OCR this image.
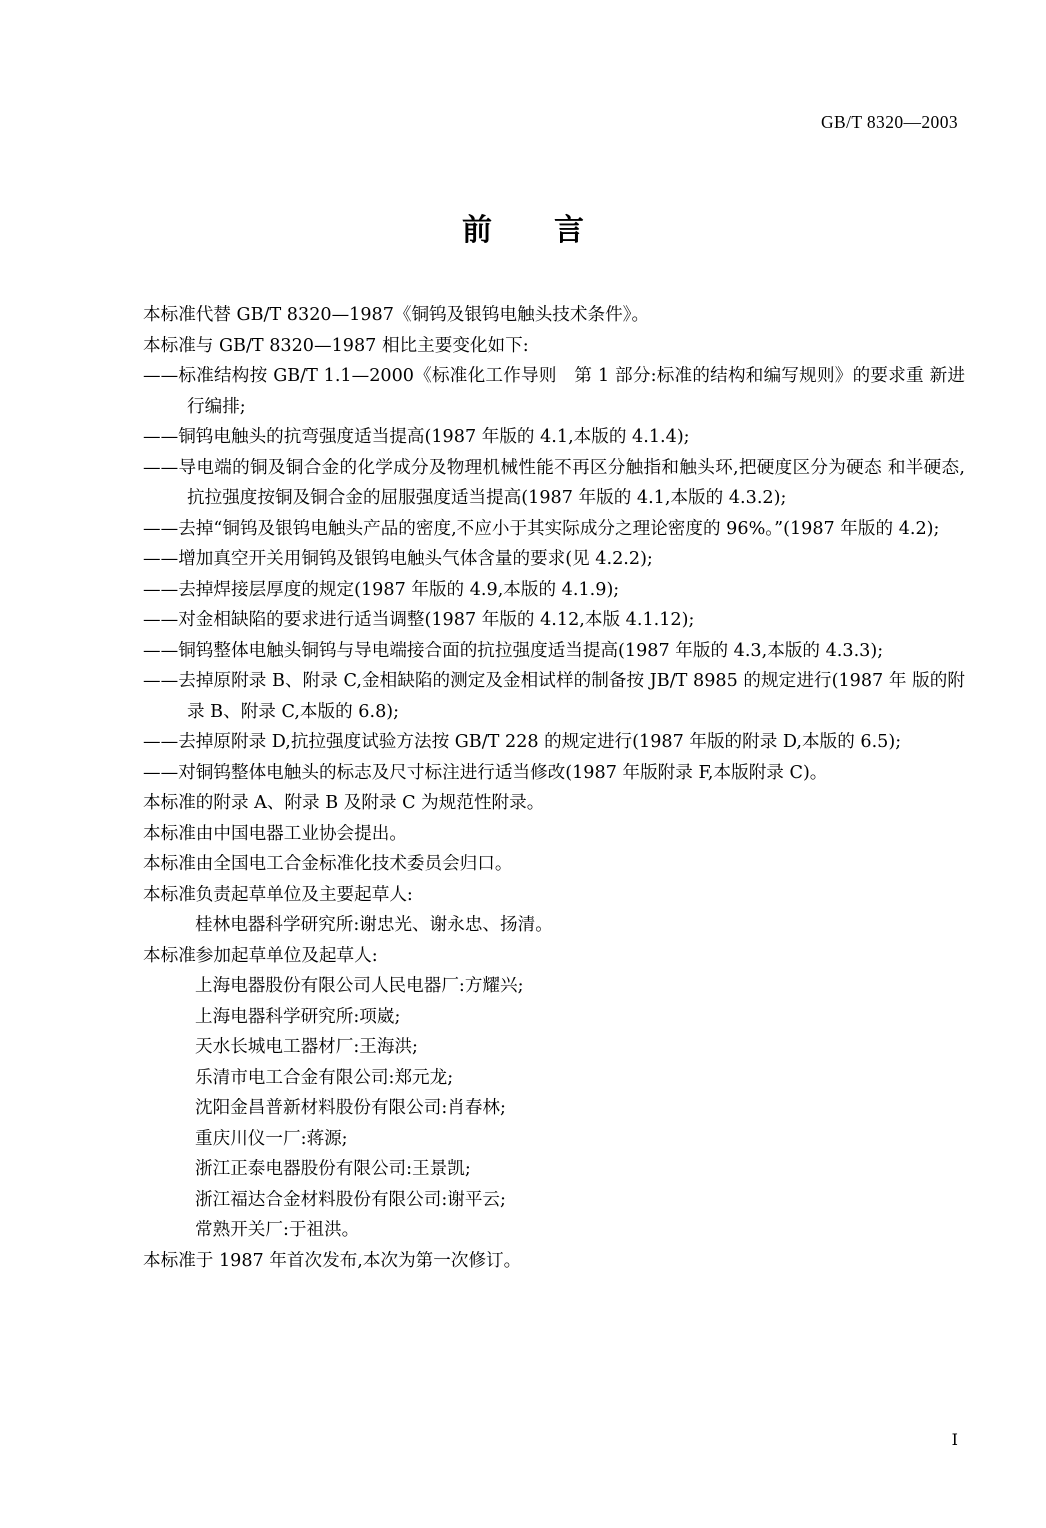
GB/T 8320—2003
前　言

本标准代替 GB/T 8320—1987《铜钨及银钨电触头技术条件》。

本标准与 GB/T 8320—1987 相比主要变化如下:

——标准结构按 GB/T 1.1—2000《标准化工作导则　第 1 部分:标准的结构和编写规则》的要求重 新进行编排;

——铜钨电触头的抗弯强度适当提高(1987 年版的 4.1,本版的 4.1.4);

——导电端的铜及铜合金的化学成分及物理机械性能不再区分触指和触头环,把硬度区分为硬态 和半硬态,抗拉强度按铜及铜合金的屈服强度适当提高(1987 年版的 4.1,本版的 4.3.2);

——去掉“铜钨及银钨电触头产品的密度,不应小于其实际成分之理论密度的 96%。”(1987 年版的 4.2);

——增加真空开关用铜钨及银钨电触头气体含量的要求(见 4.2.2);

——去掉焊接层厚度的规定(1987 年版的 4.9,本版的 4.1.9);

——对金相缺陷的要求进行适当调整(1987 年版的 4.12,本版 4.1.12);

——铜钨整体电触头铜钨与导电端接合面的抗拉强度适当提高(1987 年版的 4.3,本版的 4.3.3);

——去掉原附录 B、附录 C,金相缺陷的测定及金相试样的制备按 JB/T 8985 的规定进行(1987 年 版的附录 B、附录 C,本版的 6.8);

——去掉原附录 D,抗拉强度试验方法按 GB/T 228 的规定进行(1987 年版的附录 D,本版的 6.5);

——对铜钨整体电触头的标志及尺寸标注进行适当修改(1987 年版附录 F,本版附录 C)。

本标准的附录 A、附录 B 及附录 C 为规范性附录。

本标准由中国电器工业协会提出。

本标准由全国电工合金标准化技术委员会归口。

本标准负责起草单位及主要起草人:

桂林电器科学研究所:谢忠光、谢永忠、扬清。

本标准参加起草单位及起草人:

上海电器股份有限公司人民电器厂:方耀兴;

上海电器科学研究所:项崴;

天水长城电工器材厂:王海洪;

乐清市电工合金有限公司:郑元龙;

沈阳金昌普新材料股份有限公司:肖春林;

重庆川仪一厂:蒋源;

浙江正泰电器股份有限公司:王景凯;

浙江福达合金材料股份有限公司:谢平云;

常熟开关厂:于祖洪。

本标准于 1987 年首次发布,本次为第一次修订。

Ⅰ
